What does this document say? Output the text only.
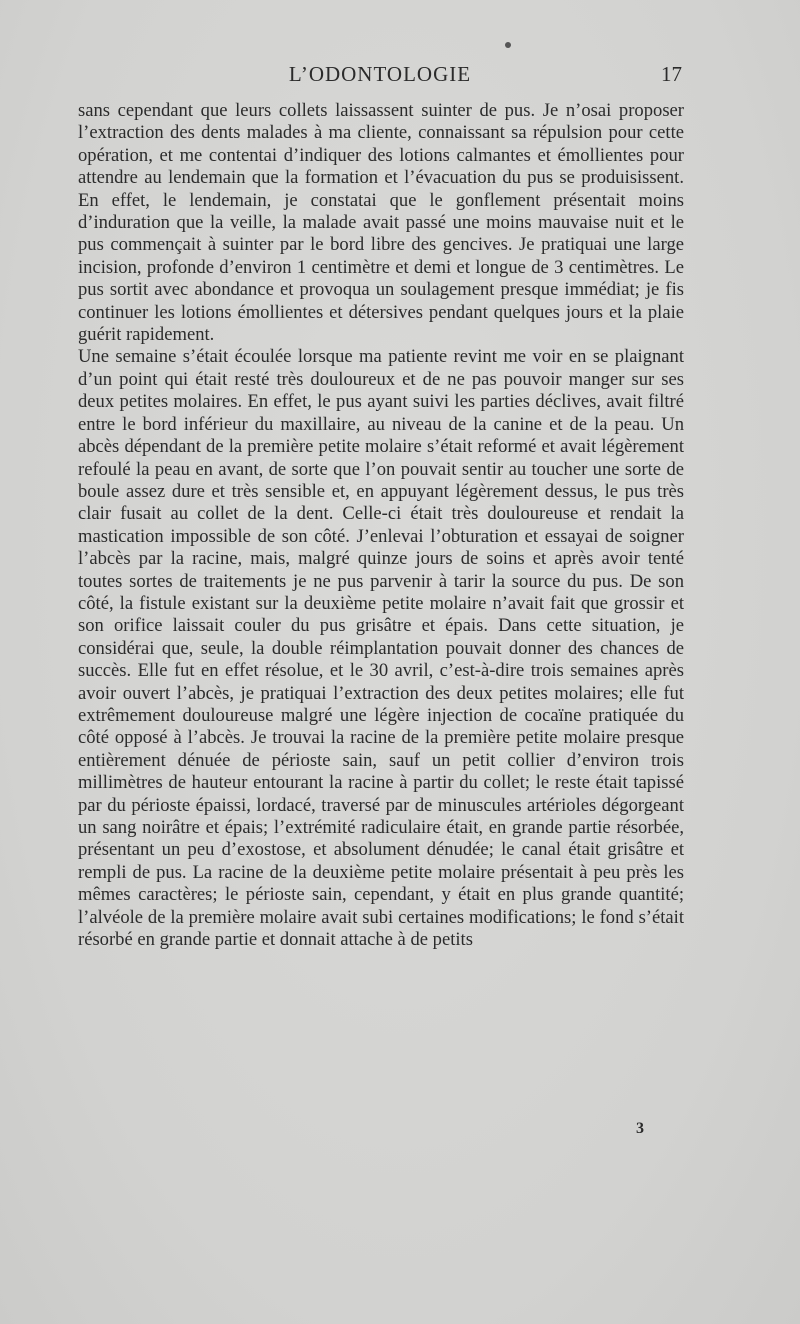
L’ODONTOLOGIE	17

sans cependant que leurs collets laissassent suinter de pus. Je n’osai proposer l’extraction des dents malades à ma cliente, connaissant sa répulsion pour cette opération, et me contentai d’indiquer des lotions calmantes et émollientes pour attendre au lendemain que la formation et l’évacuation du pus se produisissent. En effet, le lendemain, je constatai que le gonflement présentait moins d’induration que la veille, la malade avait passé une moins mauvaise nuit et le pus commençait à suinter par le bord libre des gencives. Je pratiquai une large incision, profonde d’environ 1 centimètre et demi et longue de 3 centimètres. Le pus sortit avec abondance et provoqua un soulagement presque immédiat; je fis continuer les lotions émollientes et détersives pendant quelques jours et la plaie guérit rapidement.

Une semaine s’était écoulée lorsque ma patiente revint me voir en se plaignant d’un point qui était resté très douloureux et de ne pas pouvoir manger sur ses deux petites molaires. En effet, le pus ayant suivi les parties déclives, avait filtré entre le bord inférieur du maxillaire, au niveau de la canine et de la peau. Un abcès dépendant de la première petite molaire s’était reformé et avait légèrement refoulé la peau en avant, de sorte que l’on pouvait sentir au toucher une sorte de boule assez dure et très sensible et, en appuyant légèrement dessus, le pus très clair fusait au collet de la dent. Celle-ci était très douloureuse et rendait la mastication impossible de son côté. J’enlevai l’obturation et essayai de soigner l’abcès par la racine, mais, malgré quinze jours de soins et après avoir tenté toutes sortes de traitements je ne pus parvenir à tarir la source du pus. De son côté, la fistule existant sur la deuxième petite molaire n’avait fait que grossir et son orifice laissait couler du pus grisâtre et épais. Dans cette situation, je considérai que, seule, la double réimplantation pouvait donner des chances de succès. Elle fut en effet résolue, et le 30 avril, c’est-à-dire trois semaines après avoir ouvert l’abcès, je pratiquai l’extraction des deux petites molaires; elle fut extrêmement douloureuse malgré une légère injection de cocaïne pratiquée du côté opposé à l’abcès. Je trouvai la racine de la première petite molaire presque entièrement dénuée de périoste sain, sauf un petit collier d’environ trois millimètres de hauteur entourant la racine à partir du collet; le reste était tapissé par du périoste épaissi, lordacé, traversé par de minuscules artérioles dégorgeant un sang noirâtre et épais; l’extrémité radiculaire était, en grande partie résorbée, présentant un peu d’exostose, et absolument dénudée; le canal était grisâtre et rempli de pus. La racine de la deuxième petite molaire présentait à peu près les mêmes caractères; le périoste sain, cependant, y était en plus grande quantité; l’alvéole de la première molaire avait subi certaines modifications; le fond s’était résorbé en grande partie et donnait attache à de petits

3
